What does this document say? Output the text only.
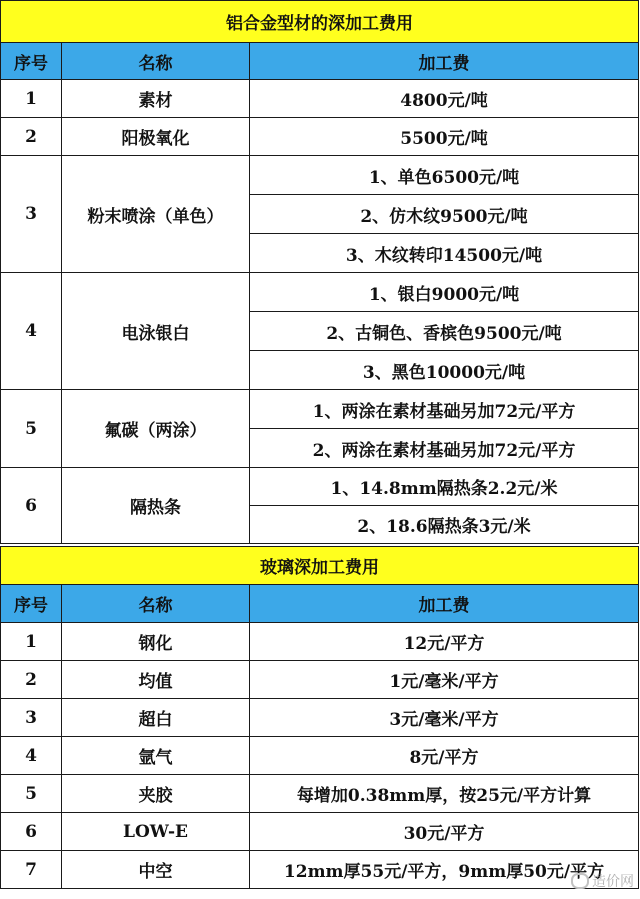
铝合金型材的深加工费用		
序号	名称	加工费
1	素材	4800元/吨
2	阳极氧化	5500元/吨
3	粉末喷涂（单色）	1、单色6500元/吨
		2、仿木纹9500元/吨
		3、木纹转印14500元/吨
4	电泳银白	1、银白9000元/吨
		2、古铜色、香槟色9500元/吨
		3、黑色10000元/吨
5	氟碳（两涂）	1、两涂在素材基础另加72元/平方
		2、两涂在素材基础另加72元/平方
6	隔热条	1、14.8mm隔热条2.2元/米
		2、18.6隔热条3元/米
玻璃深加工费用		
序号	名称	加工费
1	钢化	12元/平方
2	均值	1元/毫米/平方
3	超白	3元/毫米/平方
4	氩气	8元/平方
5	夹胶	每增加0.38mm厚，按25元/平方计算
6	LOW-E	30元/平方
7	中空	12mm厚55元/平方，9mm厚50元/平方
造价网
